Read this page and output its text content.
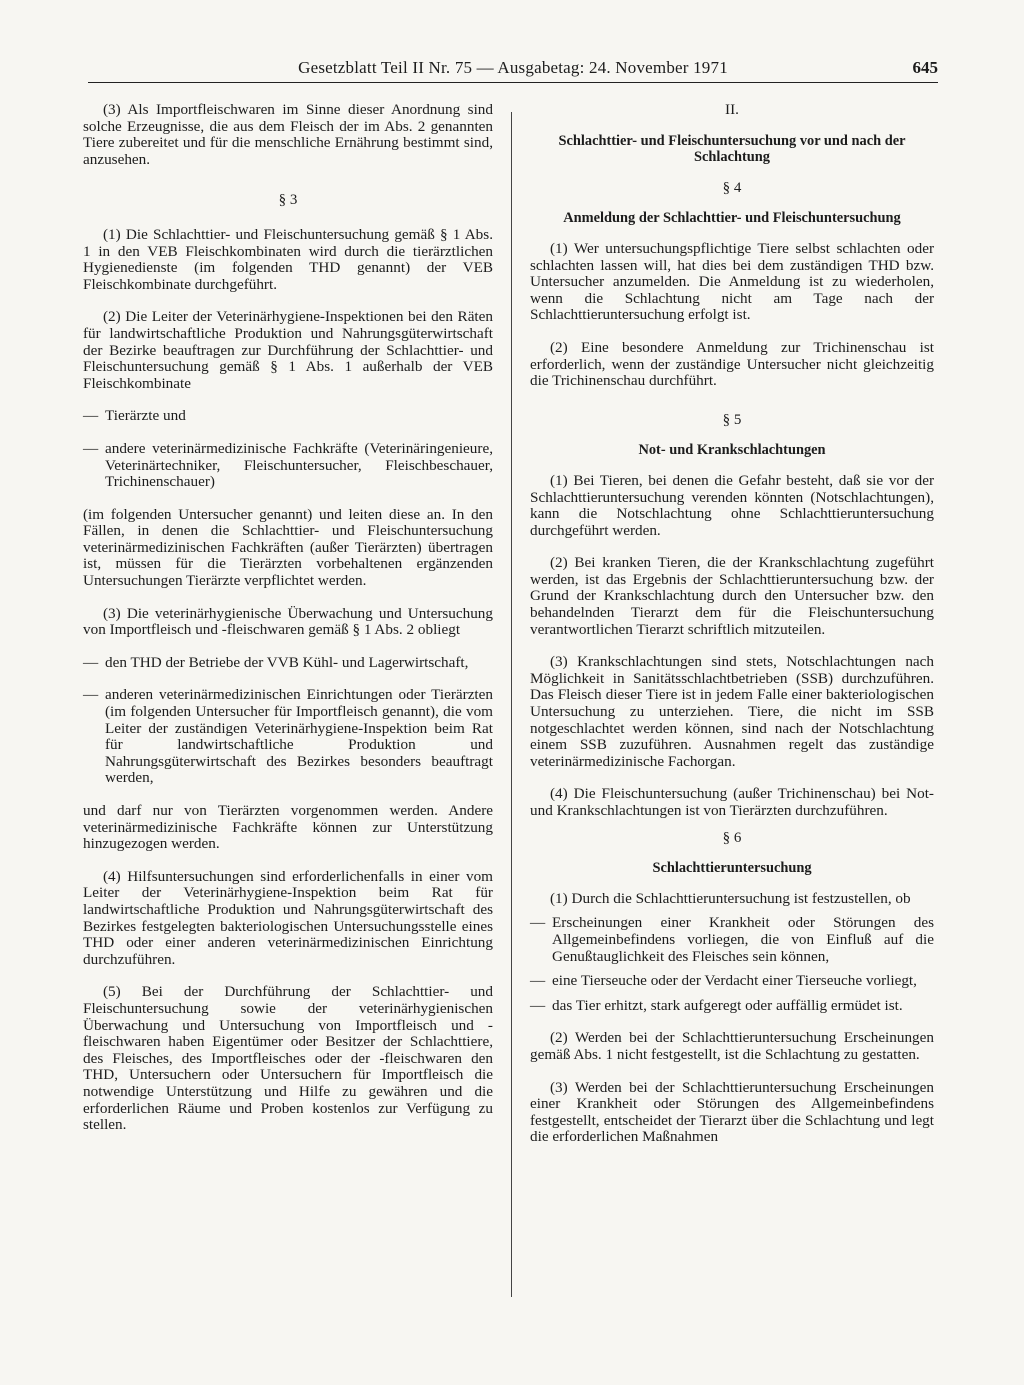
Gesetzblatt Teil II Nr. 75 — Ausgabetag: 24. November 1971	645

(3) Als Importfleischwaren im Sinne dieser Anordnung sind solche Erzeugnisse, die aus dem Fleisch der im Abs. 2 genannten Tiere zubereitet und für die menschliche Ernährung bestimmt sind, anzusehen.

§ 3

(1) Die Schlachttier- und Fleischuntersuchung gemäß § 1 Abs. 1 in den VEB Fleischkombinaten wird durch die tierärztlichen Hygienedienste (im folgenden THD genannt) der VEB Fleischkombinate durchgeführt.

(2) Die Leiter der Veterinärhygiene-Inspektionen bei den Räten für landwirtschaftliche Produktion und Nahrungsgüterwirtschaft der Bezirke beauftragen zur Durchführung der Schlachttier- und Fleischuntersuchung gemäß § 1 Abs. 1 außerhalb der VEB Fleischkombinate

— Tierärzte und
— andere veterinärmedizinische Fachkräfte (Veterinäringenieure, Veterinärtechniker, Fleischuntersucher, Fleischbeschauer, Trichinenschauer)

(im folgenden Untersucher genannt) und leiten diese an. In den Fällen, in denen die Schlachttier- und Fleischuntersuchung veterinärmedizinischen Fachkräften (außer Tierärzten) übertragen ist, müssen für die Tierärzten vorbehaltenen ergänzenden Untersuchungen Tierärzte verpflichtet werden.

(3) Die veterinärhygienische Überwachung und Untersuchung von Importfleisch und -fleischwaren gemäß § 1 Abs. 2 obliegt

— den THD der Betriebe der VVB Kühl- und Lagerwirtschaft,
— anderen veterinärmedizinischen Einrichtungen oder Tierärzten (im folgenden Untersucher für Importfleisch genannt), die vom Leiter der zuständigen Veterinärhygiene-Inspektion beim Rat für landwirtschaftliche Produktion und Nahrungsgüterwirtschaft des Bezirkes besonders beauftragt werden,

und darf nur von Tierärzten vorgenommen werden. Andere veterinärmedizinische Fachkräfte können zur Unterstützung hinzugezogen werden.

(4) Hilfsuntersuchungen sind erforderlichenfalls in einer vom Leiter der Veterinärhygiene-Inspektion beim Rat für landwirtschaftliche Produktion und Nahrungsgüterwirtschaft des Bezirkes festgelegten bakteriologischen Untersuchungsstelle eines THD oder einer anderen veterinärmedizinischen Einrichtung durchzuführen.

(5) Bei der Durchführung der Schlachttier- und Fleischuntersuchung sowie der veterinärhygienischen Überwachung und Untersuchung von Importfleisch und -fleischwaren haben Eigentümer oder Besitzer der Schlachttiere, des Fleisches, des Importfleisches oder der -fleischwaren den THD, Untersuchern oder Untersuchern für Importfleisch die notwendige Unterstützung und Hilfe zu gewähren und die erforderlichen Räume und Proben kostenlos zur Verfügung zu stellen.

II.
Schlachttier- und Fleischuntersuchung vor und nach der Schlachtung
§ 4
Anmeldung der Schlachttier- und Fleischuntersuchung

(1) Wer untersuchungspflichtige Tiere selbst schlachten oder schlachten lassen will, hat dies bei dem zuständigen THD bzw. Untersucher anzumelden. Die Anmeldung ist zu wiederholen, wenn die Schlachtung nicht am Tage nach der Schlachttieruntersuchung erfolgt ist.

(2) Eine besondere Anmeldung zur Trichinenschau ist erforderlich, wenn der zuständige Untersucher nicht gleichzeitig die Trichinenschau durchführt.

§ 5
Not- und Krankschlachtungen

(1) Bei Tieren, bei denen die Gefahr besteht, daß sie vor der Schlachttieruntersuchung verenden könnten (Notschlachtungen), kann die Notschlachtung ohne Schlachttieruntersuchung durchgeführt werden.

(2) Bei kranken Tieren, die der Krankschlachtung zugeführt werden, ist das Ergebnis der Schlachttieruntersuchung bzw. der Grund der Krankschlachtung durch den Untersucher bzw. den behandelnden Tierarzt dem für die Fleischuntersuchung verantwortlichen Tierarzt schriftlich mitzuteilen.

(3) Krankschlachtungen sind stets, Notschlachtungen nach Möglichkeit in Sanitätsschlachtbetrieben (SSB) durchzuführen. Das Fleisch dieser Tiere ist in jedem Falle einer bakteriologischen Untersuchung zu unterziehen. Tiere, die nicht im SSB notgeschlachtet werden können, sind nach der Notschlachtung einem SSB zuzuführen. Ausnahmen regelt das zuständige veterinärmedizinische Fachorgan.

(4) Die Fleischuntersuchung (außer Trichinenschau) bei Not- und Krankschlachtungen ist von Tierärzten durchzuführen.

§ 6
Schlachttieruntersuchung

(1) Durch die Schlachttieruntersuchung ist festzustellen, ob

— Erscheinungen einer Krankheit oder Störungen des Allgemeinbefindens vorliegen, die von Einfluß auf die Genußtauglichkeit des Fleisches sein können,
— eine Tierseuche oder der Verdacht einer Tierseuche vorliegt,
— das Tier erhitzt, stark aufgeregt oder auffällig ermüdet ist.

(2) Werden bei der Schlachttieruntersuchung Erscheinungen gemäß Abs. 1 nicht festgestellt, ist die Schlachtung zu gestatten.

(3) Werden bei der Schlachttieruntersuchung Erscheinungen einer Krankheit oder Störungen des Allgemeinbefindens festgestellt, entscheidet der Tierarzt über die Schlachtung und legt die erforderlichen Maßnahmen
